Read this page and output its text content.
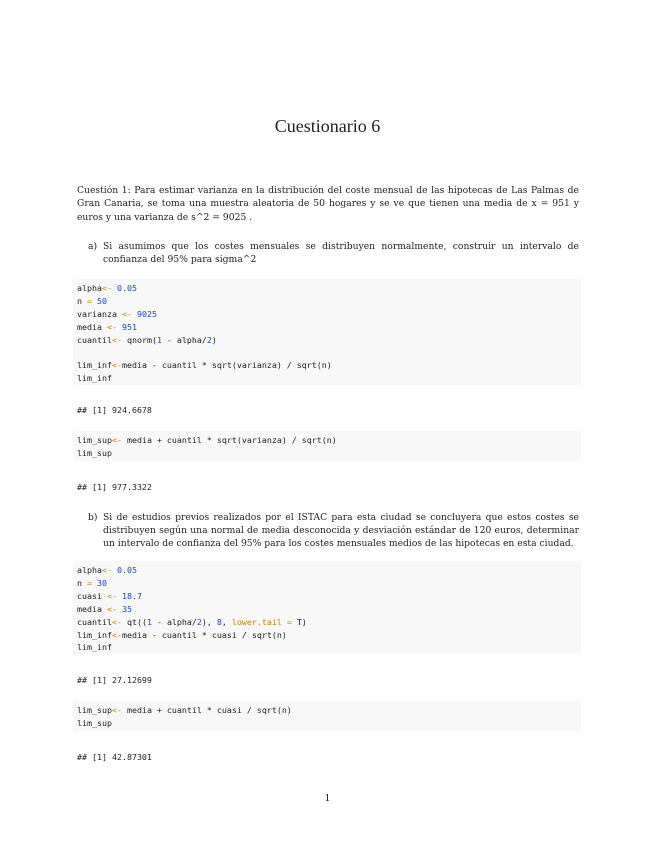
Cuestionario 6
Cuestión 1: Para estimar varianza en la distribución del coste mensual de las hipotecas de Las Palmas de Gran Canaria, se toma una muestra aleatoria de 50 hogares y se ve que tienen una media de x = 951 y euros y una varianza de s^2 = 9025 .
a) Si asumimos que los costes mensuales se distribuyen normalmente, construir un intervalo de confianza del 95% para sigma^2
alpha<- 0.05
n = 50
varianza <- 9025
media <- 951
cuantil<- qnorm(1 - alpha/2)

lim_inf<-media - cuantil * sqrt(varianza) / sqrt(n)
lim_inf
## [1] 924.6678
lim_sup<- media + cuantil * sqrt(varianza) / sqrt(n)
lim_sup
## [1] 977.3322
b) Si de estudios previos realizados por el ISTAC para esta ciudad se concluyera que estos costes se distribuyen según una normal de media desconocida y desviación estándar de 120 euros, determinar un intervalo de confianza del 95% para los costes mensuales medios de las hipotecas en esta ciudad.
alpha<- 0.05
n = 30
cuasi <- 18.7
media <- 35
cuantil<- qt((1 - alpha/2), 8, lower.tail = T)
lim_inf<-media - cuantil * cuasi / sqrt(n)
lim_inf
## [1] 27.12699
lim_sup<- media + cuantil * cuasi / sqrt(n)
lim_sup
## [1] 42.87301
1
